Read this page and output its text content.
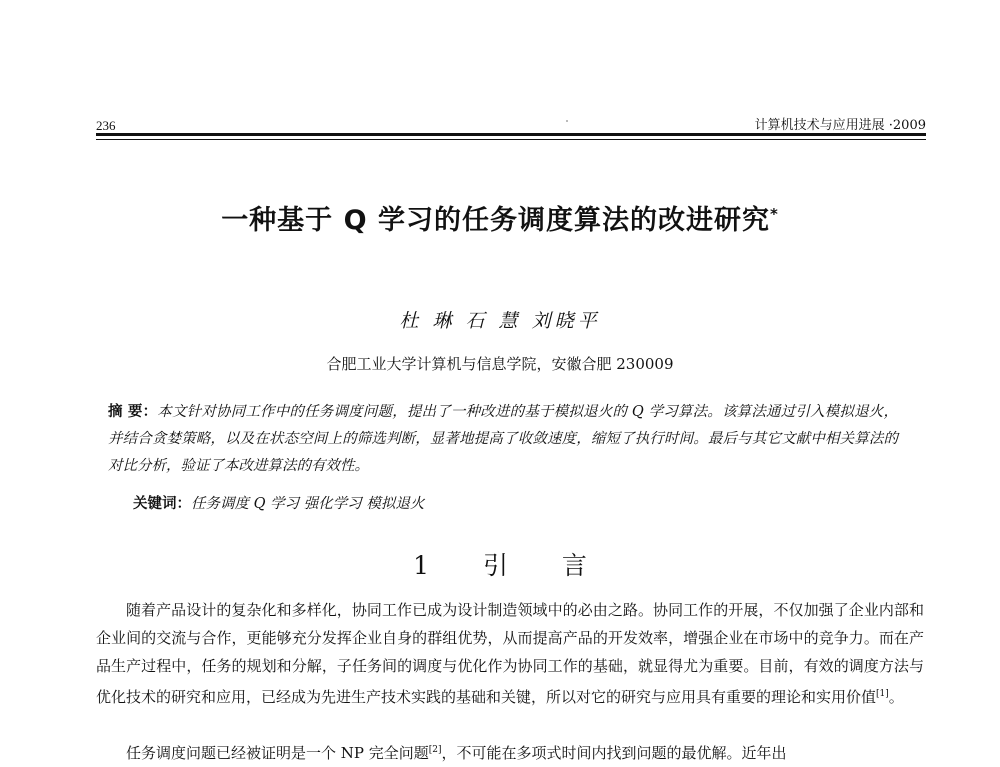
236	计算机技术与应用进展 ·2009
一种基于 Q 学习的任务调度算法的改进研究*
杜 琳 石 慧 刘晓平
合肥工业大学计算机与信息学院，安徽合肥 230009
摘 要：本文针对协同工作中的任务调度问题，提出了一种改进的基于模拟退火的 Q 学习算法。该算法通过引入模拟退火，并结合贪婪策略，以及在状态空间上的筛选判断，显著地提高了收敛速度，缩短了执行时间。最后与其它文献中相关算法的对比分析，验证了本改进算法的有效性。
关键词：任务调度 Q 学习 强化学习 模拟退火
1 引 言
随着产品设计的复杂化和多样化，协同工作已成为设计制造领域中的必由之路。协同工作的开展，不仅加强了企业内部和企业间的交流与合作，更能够充分发挥企业自身的群组优势，从而提高产品的开发效率，增强企业在市场中的竞争力。而在产品生产过程中，任务的规划和分解，子任务间的调度与优化作为协同工作的基础，就显得尤为重要。目前，有效的调度方法与优化技术的研究和应用，已经成为先进生产技术实践的基础和关键，所以对它的研究与应用具有重要的理论和实用价值[1]。
任务调度问题已经被证明是一个 NP 完全问题[2]，不可能在多项式时间内找到问题的最优解。近年出
